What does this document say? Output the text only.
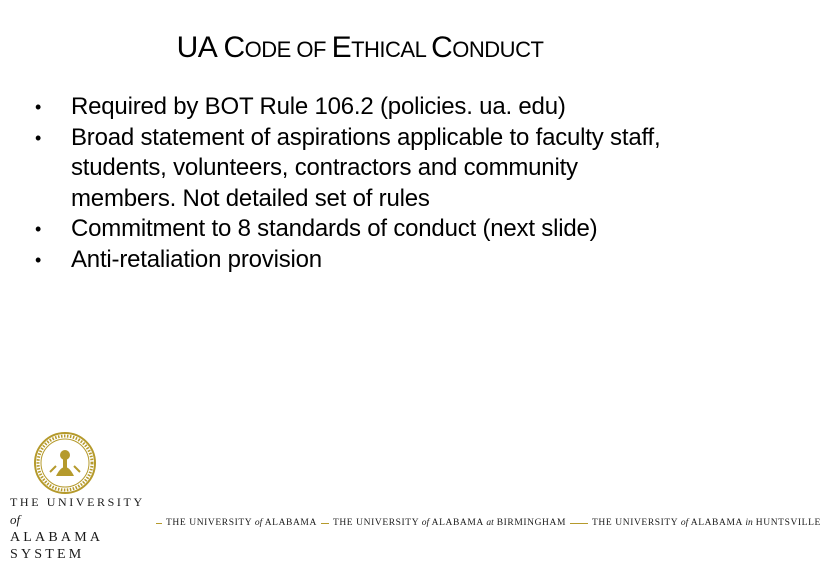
UA CODE OF ETHICAL CONDUCT
• Required by BOT Rule 106.2 (policies. ua. edu)
• Broad statement of aspirations applicable to faculty staff, students, volunteers, contractors and community members. Not detailed set of rules
• Commitment to 8 standards of conduct (next slide)
• Anti-retaliation provision
THE UNIVERSITY of
ALABAMA SYSTEM
THE UNIVERSITY of ALABAMA THE UNIVERSITY of ALABAMA at BIRMINGHAM	THE UNIVERSITY of ALABAMA in HUNTSVILLE
